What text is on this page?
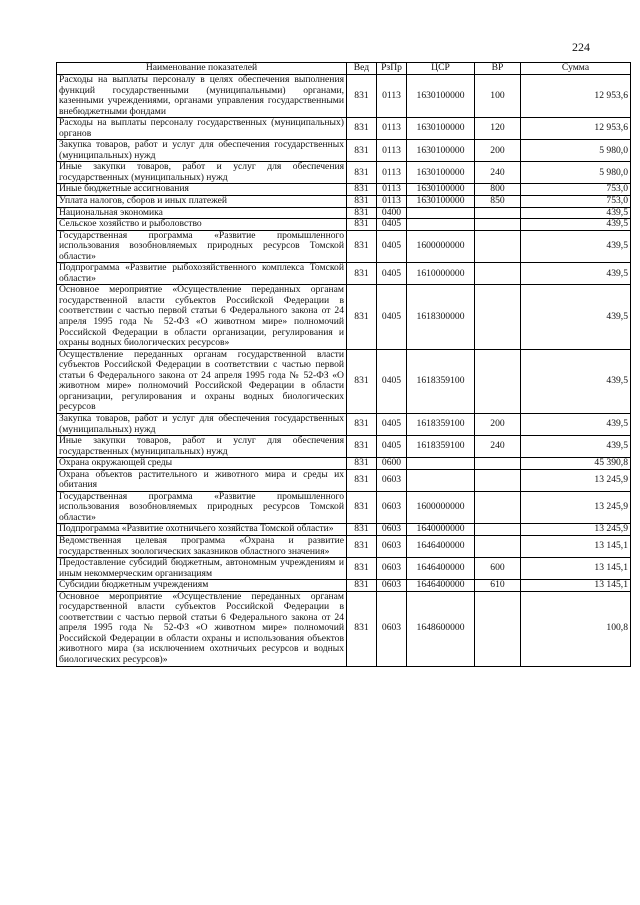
224
Наименование показателей	Вед	РзПр	ЦСР	ВР	Сумма
Расходы на выплаты персоналу в целях обеспечения выполнения функций государственными (муниципальными) органами, казенными учреждениями, органами управления государственными внебюджетными фондами	831	0113	1630100000	100	12 953,6
Расходы на выплаты персоналу государственных (муниципальных) органов	831	0113	1630100000	120	12 953,6
Закупка товаров, работ и услуг для обеспечения государственных (муниципальных) нужд	831	0113	1630100000	200	5 980,0
Иные закупки товаров, работ и услуг для обеспечения государственных (муниципальных) нужд	831	0113	1630100000	240	5 980,0
Иные бюджетные ассигнования	831	0113	1630100000	800	753,0
Уплата налогов, сборов и иных платежей	831	0113	1630100000	850	753,0
Национальная экономика	831	0400			439,5
Сельское хозяйство и рыболовство	831	0405			439,5
Государственная программа «Развитие промышленного использования возобновляемых природных ресурсов Томской области»	831	0405	1600000000		439,5
Подпрограмма «Развитие рыбохозяйственного комплекса Томской области»	831	0405	1610000000		439,5
Основное мероприятие «Осуществление переданных органам государственной власти субъектов Российской Федерации в соответствии с частью первой статьи 6 Федерального закона от 24 апреля 1995 года № 52-ФЗ «О животном мире» полномочий Российской Федерации в области организации, регулирования и охраны водных биологических ресурсов»	831	0405	1618300000		439,5
Осуществление переданных органам государственной власти субъектов Российской Федерации в соответствии с частью первой статьи 6 Федерального закона от 24 апреля 1995 года № 52-ФЗ «О животном мире» полномочий Российской Федерации в области организации, регулирования и охраны водных биологических ресурсов	831	0405	1618359100		439,5
Закупка товаров, работ и услуг для обеспечения государственных (муниципальных) нужд	831	0405	1618359100	200	439,5
Иные закупки товаров, работ и услуг для обеспечения государственных (муниципальных) нужд	831	0405	1618359100	240	439,5
Охрана окружающей среды	831	0600			45 390,8
Охрана объектов растительного и животного мира и среды их обитания	831	0603			13 245,9
Государственная программа «Развитие промышленного использования возобновляемых природных ресурсов Томской области»	831	0603	1600000000		13 245,9
Подпрограмма «Развитие охотничьего хозяйства Томской области»	831	0603	1640000000		13 245,9
Ведомственная целевая программа «Охрана и развитие государственных зоологических заказников областного значения»	831	0603	1646400000		13 145,1
Предоставление субсидий бюджетным, автономным учреждениям и иным некоммерческим организациям	831	0603	1646400000	600	13 145,1
Субсидии бюджетным учреждениям	831	0603	1646400000	610	13 145,1
Основное мероприятие «Осуществление переданных органам государственной власти субъектов Российской Федерации в соответствии с частью первой статьи 6 Федерального закона от 24 апреля 1995 года № 52-ФЗ «О животном мире» полномочий Российской Федерации в области охраны и использования объектов животного мира (за исключением охотничьих ресурсов и водных биологических ресурсов)»	831	0603	1648600000		100,8
